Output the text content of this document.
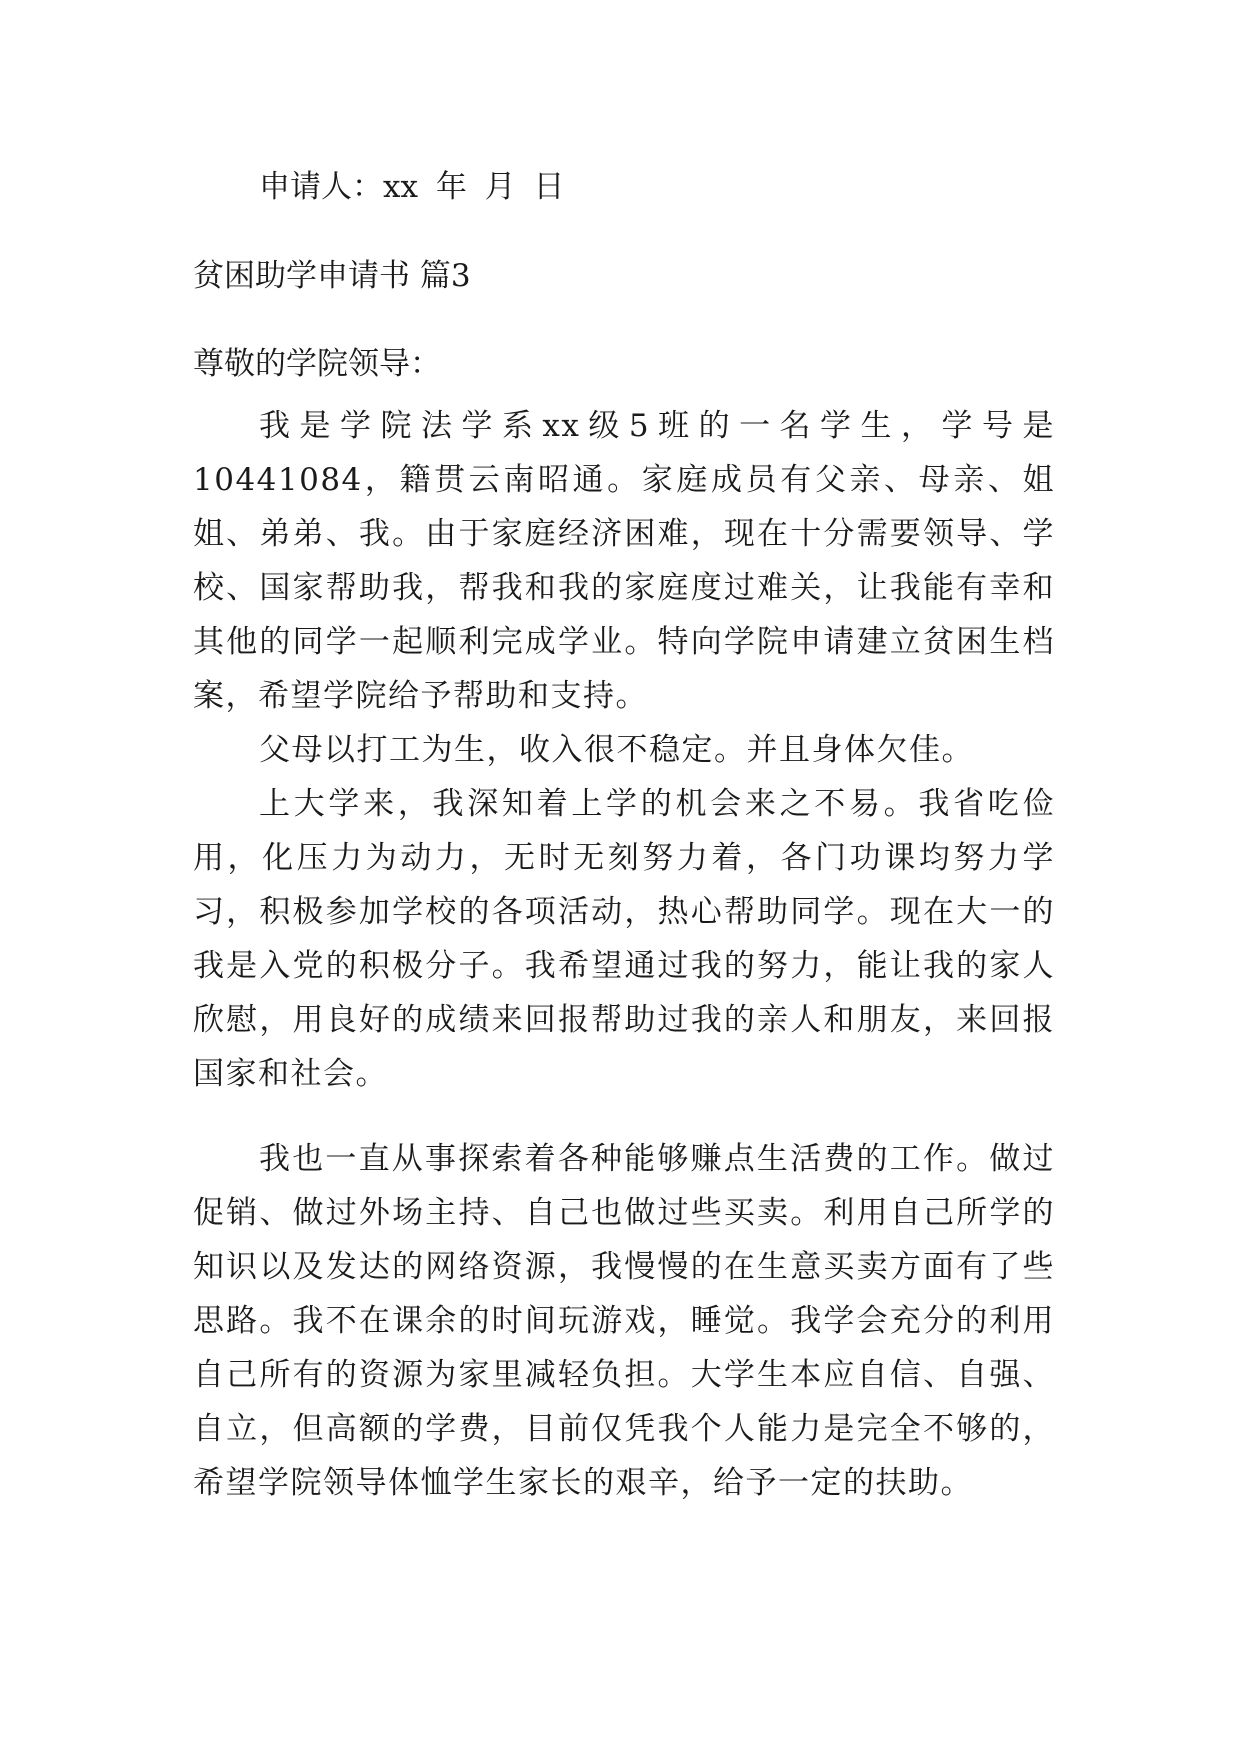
申请人：xx 年 月 日
贫困助学申请书 篇3
尊敬的学院领导：

我是学院法学系xx级5班的一名学生，学号是10441084，籍贯云南昭通。家庭成员有父亲、母亲、姐姐、弟弟、我。由于家庭经济困难，现在十分需要领导、学校、国家帮助我，帮我和我的家庭度过难关，让我能有幸和其他的同学一起顺利完成学业。特向学院申请建立贫困生档案，希望学院给予帮助和支持。

父母以打工为生，收入很不稳定。并且身体欠佳。

上大学来，我深知着上学的机会来之不易。我省吃俭用，化压力为动力，无时无刻努力着，各门功课均努力学习，积极参加学校的各项活动，热心帮助同学。现在大一的我是入党的积极分子。我希望通过我的努力，能让我的家人欣慰，用良好的成绩来回报帮助过我的亲人和朋友，来回报国家和社会。

我也一直从事探索着各种能够赚点生活费的工作。做过促销、做过外场主持、自己也做过些买卖。利用自己所学的知识以及发达的网络资源，我慢慢的在生意买卖方面有了些思路。我不在课余的时间玩游戏，睡觉。我学会充分的利用自己所有的资源为家里减轻负担。大学生本应自信、自强、自立，但高额的学费，目前仅凭我个人能力是完全不够的，希望学院领导体恤学生家长的艰辛，给予一定的扶助。
